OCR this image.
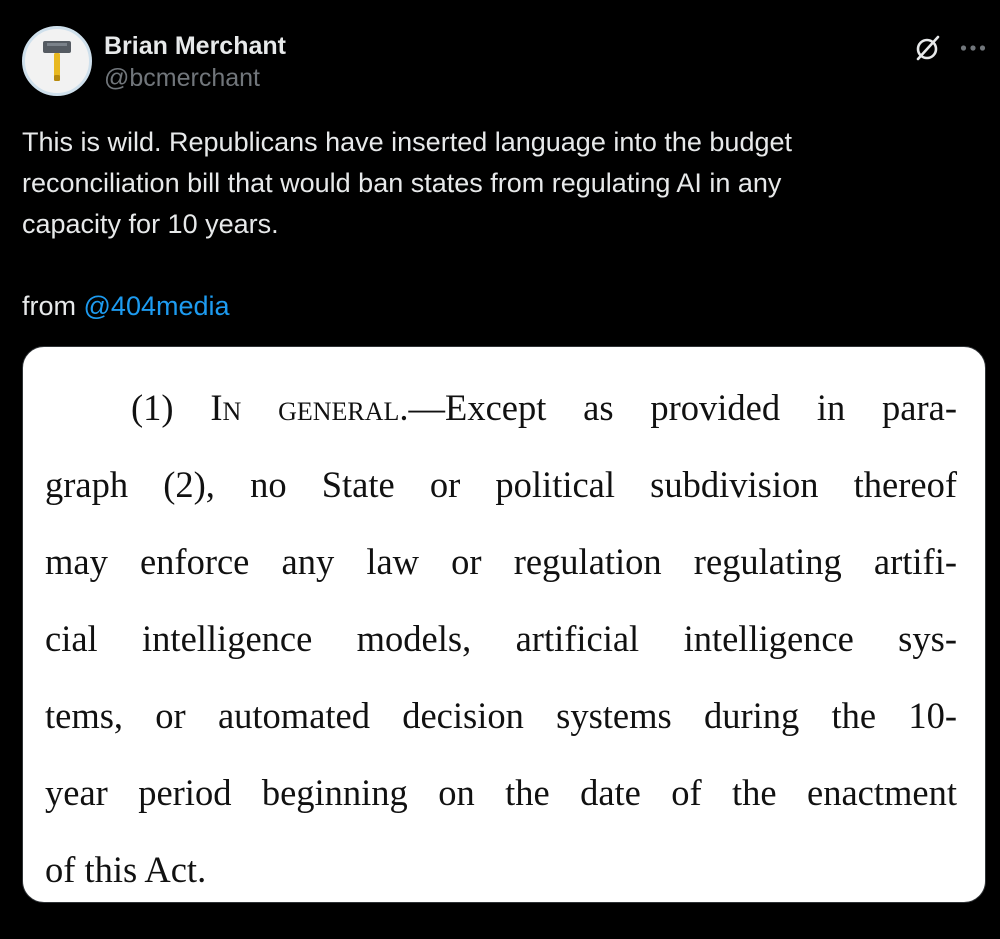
Brian Merchant
@bcmerchant

This is wild. Republicans have inserted language into the budget

reconciliation bill that would ban states from regulating AI in any

capacity for 10 years.

from @404media

(1) In general.—Except as provided in para-
graph (2), no State or political subdivision thereof
may enforce any law or regulation regulating artifi-
cial intelligence models, artificial intelligence sys-
tems, or automated decision systems during the 10-
year period beginning on the date of the enactment
of this Act.
